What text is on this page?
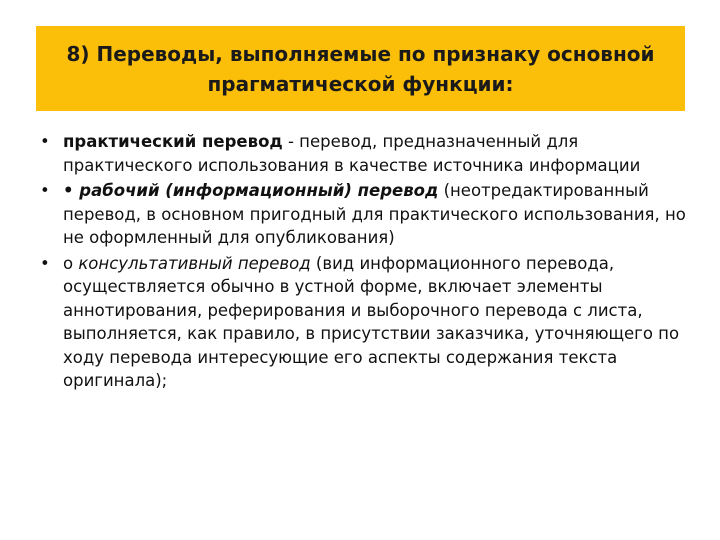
8) Переводы, выполняемые по признаку основной прагматической функции:
• практический перевод - перевод, предназначенный для практического использования в качестве источника информации
• • рабочий (информационный) перевод (неотредактированный перевод, в основном пригодный для практического использования, но не оформленный для опубликования)
• о консультативный перевод (вид информационного перевода, осуществляется обычно в устной форме, включает элементы аннотирования, реферирования и выборочного перевода с листа, выполняется, как правило, в присутствии заказчика, уточняющего по ходу перевода интересующие его аспекты содержания текста оригинала);
